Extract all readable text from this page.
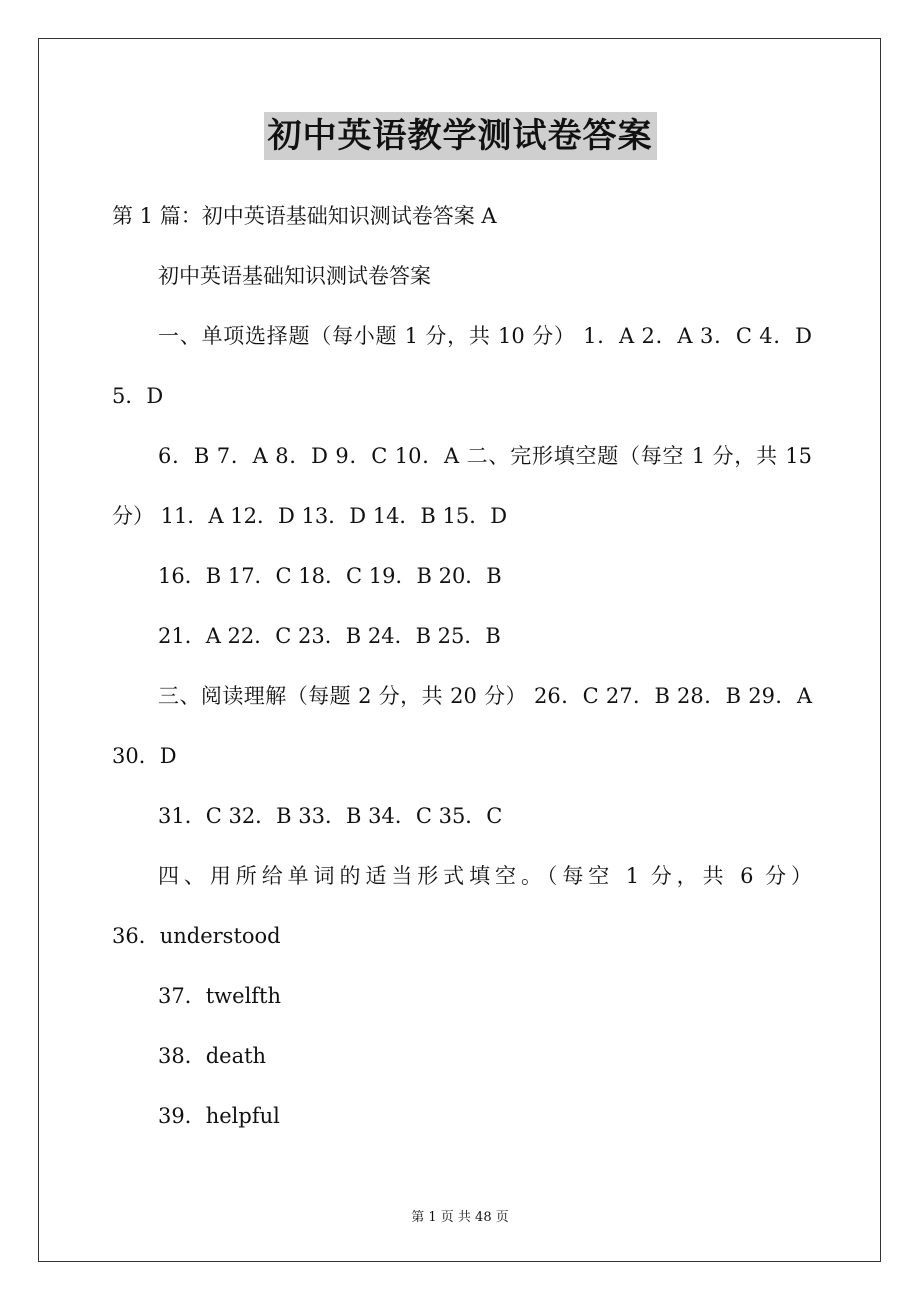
初中英语教学测试卷答案
第 1 篇：初中英语基础知识测试卷答案 A
初中英语基础知识测试卷答案
一、单项选择题（每小题 1 分，共 10 分） 1．A 2．A 3．C 4．D
5．D
6．B 7．A 8．D 9．C 10．A 二、完形填空题（每空 1 分，共 15
分） 11．A 12．D 13．D 14．B 15．D
16．B 17．C 18．C 19．B 20．B
21．A 22．C 23．B 24．B 25．B
三、阅读理解（每题 2 分，共 20 分） 26．C 27．B 28．B 29．A
30．D
31．C 32．B 33．B 34．C 35．C
四、用所给单词的适当形式填空。（每空 1 分，共 6 分）
36．understood
37．twelfth
38．death
39．helpful
第 1 页 共 48 页
